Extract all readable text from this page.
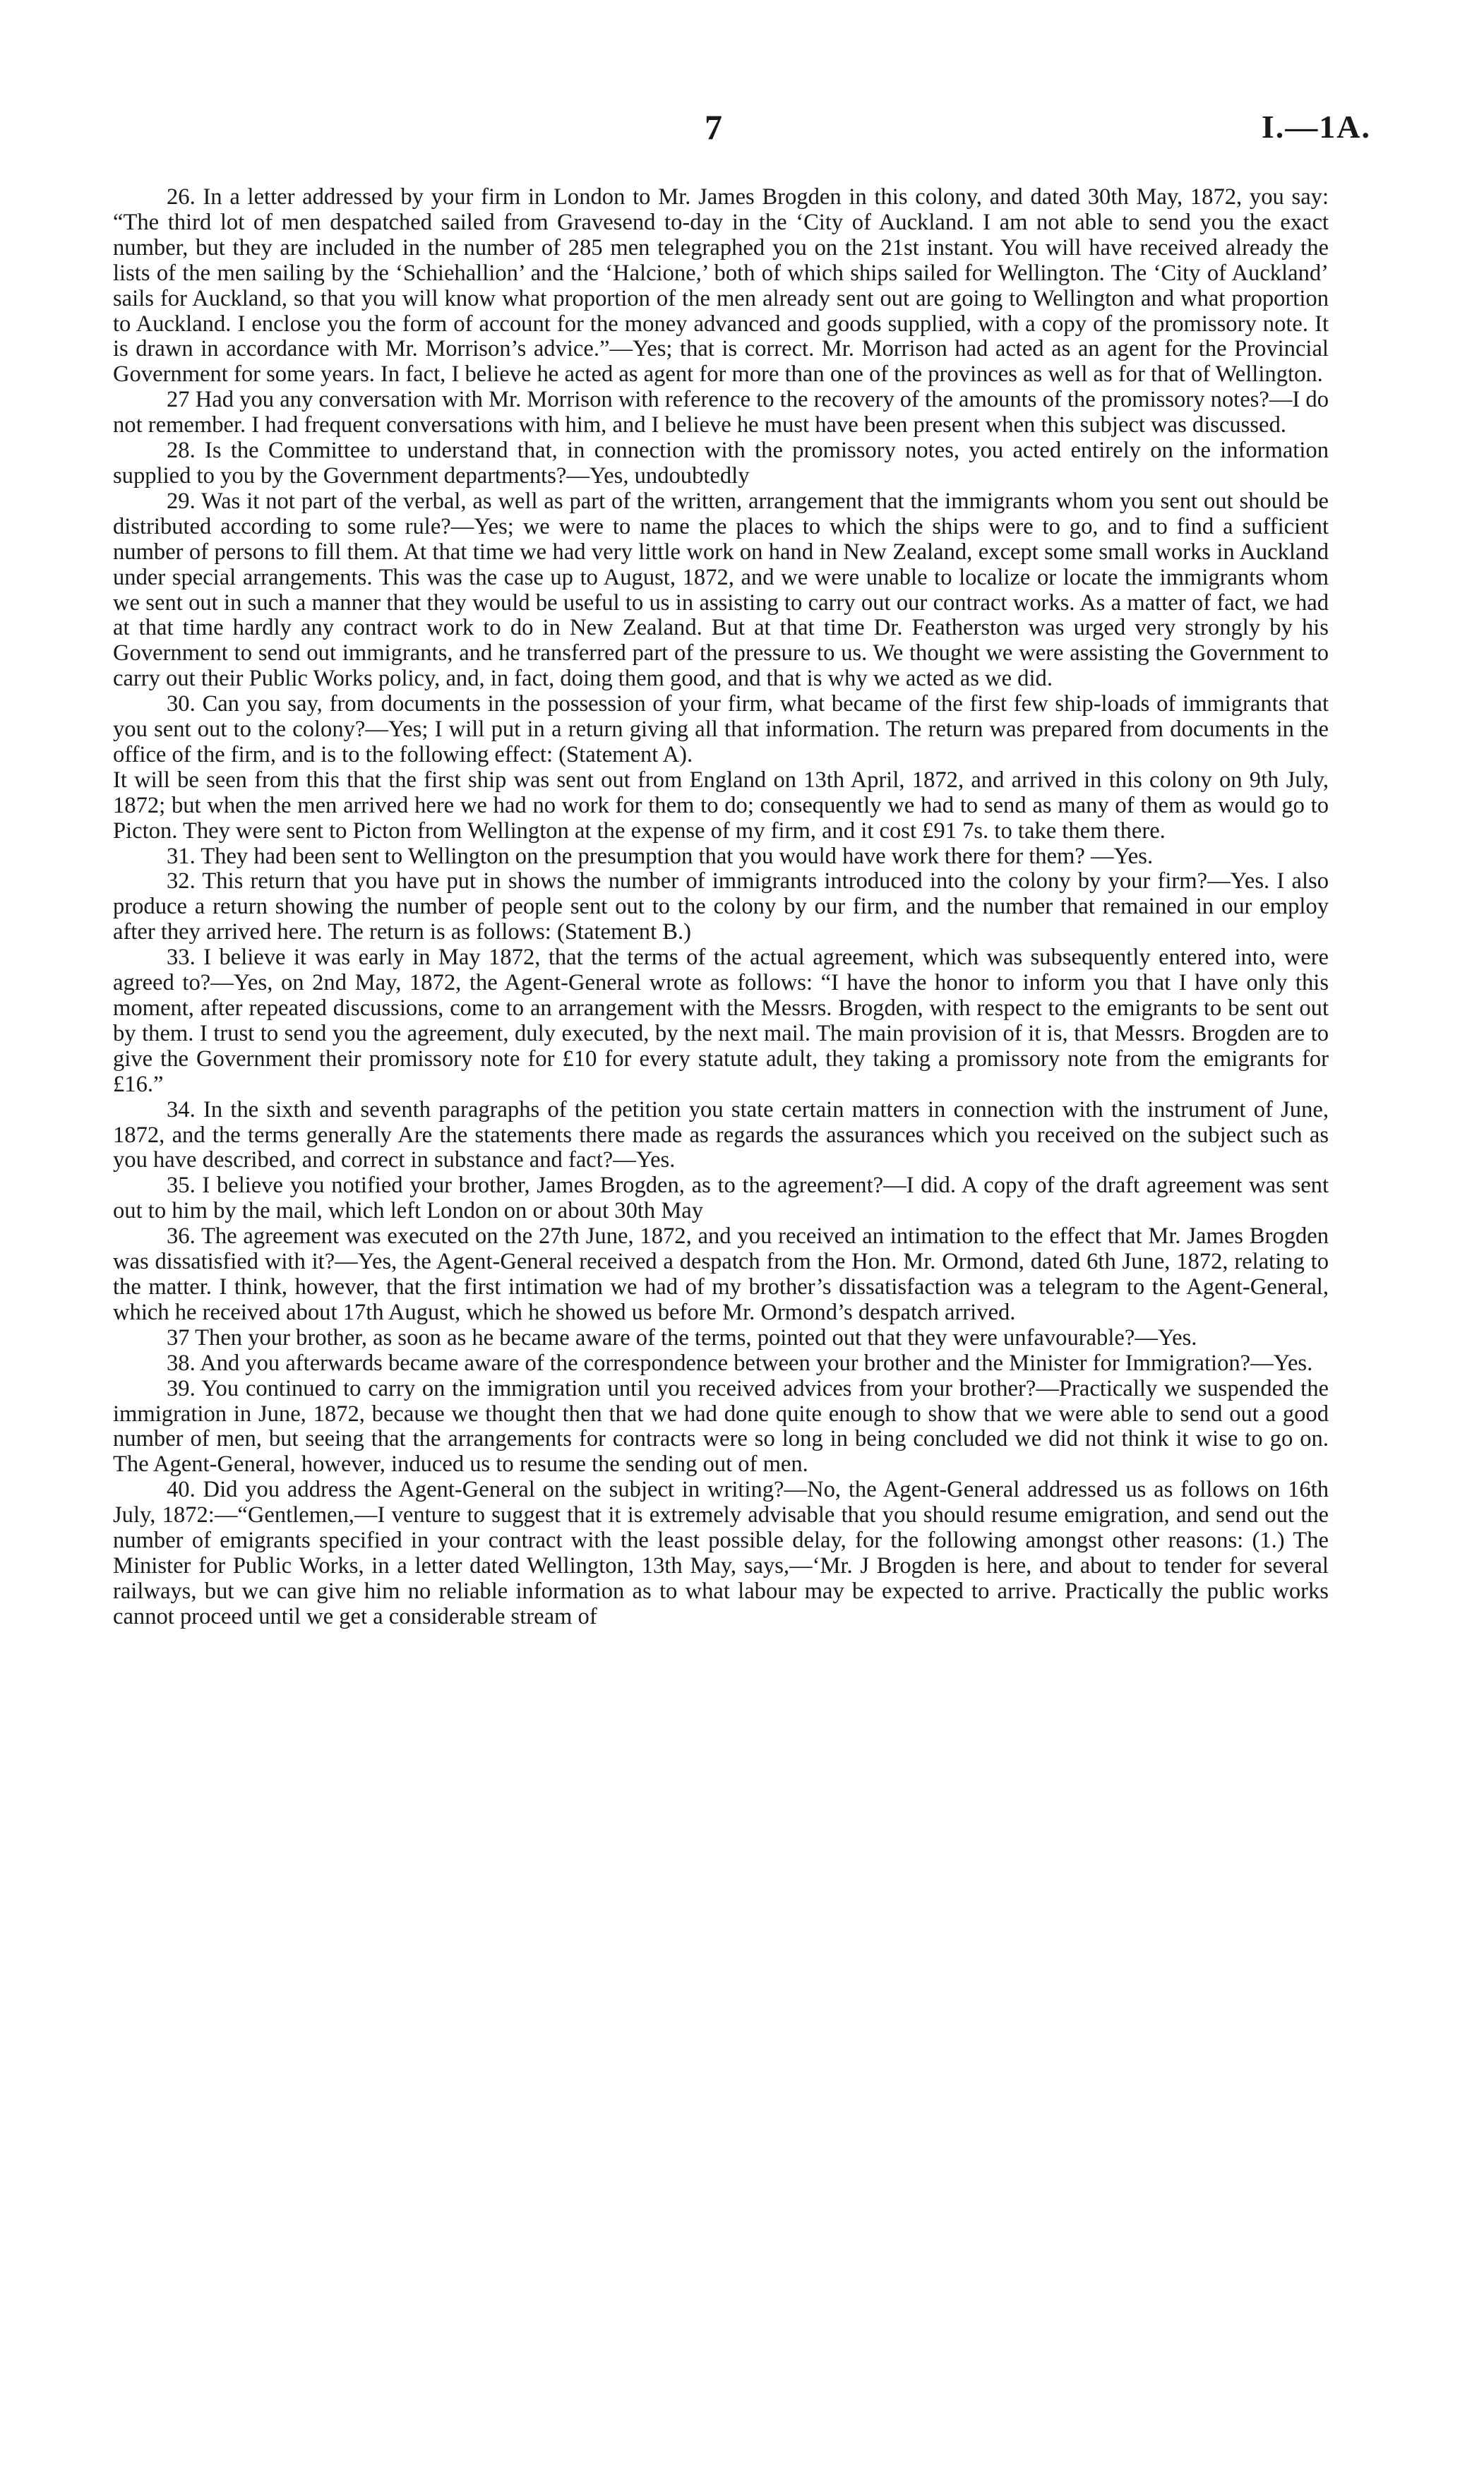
7	I.—1A.

26. In a letter addressed by your firm in London to Mr. James Brogden in this colony, and dated 30th May, 1872, you say: “The third lot of men despatched sailed from Gravesend to-day in the ‘City of Auckland. I am not able to send you the exact number, but they are included in the number of 285 men telegraphed you on the 21st instant. You will have received already the lists of the men sailing by the ‘Schiehallion’ and the ‘Halcione,’ both of which ships sailed for Wellington. The ‘City of Auckland’ sails for Auckland, so that you will know what proportion of the men already sent out are going to Wellington and what proportion to Auckland. I enclose you the form of account for the money advanced and goods supplied, with a copy of the promissory note. It is drawn in accordance with Mr. Morrison’s advice.”—Yes; that is correct. Mr. Morrison had acted as an agent for the Provincial Government for some years. In fact, I believe he acted as agent for more than one of the provinces as well as for that of Wellington.

27 Had you any conversation with Mr. Morrison with reference to the recovery of the amounts of the promissory notes?—I do not remember. I had frequent conversations with him, and I believe he must have been present when this subject was discussed.

28. Is the Committee to understand that, in connection with the promissory notes, you acted entirely on the information supplied to you by the Government departments?—Yes, undoubtedly

29. Was it not part of the verbal, as well as part of the written, arrangement that the immigrants whom you sent out should be distributed according to some rule?—Yes; we were to name the places to which the ships were to go, and to find a sufficient number of persons to fill them. At that time we had very little work on hand in New Zealand, except some small works in Auckland under special arrangements. This was the case up to August, 1872, and we were unable to localize or locate the immigrants whom we sent out in such a manner that they would be useful to us in assisting to carry out our contract works. As a matter of fact, we had at that time hardly any contract work to do in New Zealand. But at that time Dr. Featherston was urged very strongly by his Government to send out immigrants, and he transferred part of the pressure to us. We thought we were assisting the Government to carry out their Public Works policy, and, in fact, doing them good, and that is why we acted as we did.

30. Can you say, from documents in the possession of your firm, what became of the first few ship-loads of immigrants that you sent out to the colony?—Yes; I will put in a return giving all that information. The return was prepared from documents in the office of the firm, and is to the following effect: (Statement A).

It will be seen from this that the first ship was sent out from England on 13th April, 1872, and arrived in this colony on 9th July, 1872; but when the men arrived here we had no work for them to do; consequently we had to send as many of them as would go to Picton. They were sent to Picton from Wellington at the expense of my firm, and it cost £91 7s. to take them there.

31. They had been sent to Wellington on the presumption that you would have work there for them? —Yes.

32. This return that you have put in shows the number of immigrants introduced into the colony by your firm?—Yes. I also produce a return showing the number of people sent out to the colony by our firm, and the number that remained in our employ after they arrived here. The return is as follows: (Statement B.)

33. I believe it was early in May 1872, that the terms of the actual agreement, which was subsequently entered into, were agreed to?—Yes, on 2nd May, 1872, the Agent-General wrote as follows: “I have the honor to inform you that I have only this moment, after repeated discussions, come to an arrangement with the Messrs. Brogden, with respect to the emigrants to be sent out by them. I trust to send you the agreement, duly executed, by the next mail. The main provision of it is, that Messrs. Brogden are to give the Government their promissory note for £10 for every statute adult, they taking a promissory note from the emigrants for £16.”

34. In the sixth and seventh paragraphs of the petition you state certain matters in connection with the instrument of June, 1872, and the terms generally Are the statements there made as regards the assurances which you received on the subject such as you have described, and correct in substance and fact?—Yes.

35. I believe you notified your brother, James Brogden, as to the agreement?—I did. A copy of the draft agreement was sent out to him by the mail, which left London on or about 30th May

36. The agreement was executed on the 27th June, 1872, and you received an intimation to the effect that Mr. James Brogden was dissatisfied with it?—Yes, the Agent-General received a despatch from the Hon. Mr. Ormond, dated 6th June, 1872, relating to the matter. I think, however, that the first intimation we had of my brother’s dissatisfaction was a telegram to the Agent-General, which he received about 17th August, which he showed us before Mr. Ormond’s despatch arrived.

37 Then your brother, as soon as he became aware of the terms, pointed out that they were unfavourable?—Yes.

38. And you afterwards became aware of the correspondence between your brother and the Minister for Immigration?—Yes.

39. You continued to carry on the immigration until you received advices from your brother?—Practically we suspended the immigration in June, 1872, because we thought then that we had done quite enough to show that we were able to send out a good number of men, but seeing that the arrangements for contracts were so long in being concluded we did not think it wise to go on. The Agent-General, however, induced us to resume the sending out of men.

40. Did you address the Agent-General on the subject in writing?—No, the Agent-General addressed us as follows on 16th July, 1872:—“Gentlemen,—I venture to suggest that it is extremely advisable that you should resume emigration, and send out the number of emigrants specified in your contract with the least possible delay, for the following amongst other reasons: (1.) The Minister for Public Works, in a letter dated Wellington, 13th May, says,—‘Mr. J Brogden is here, and about to tender for several railways, but we can give him no reliable information as to what labour may be expected to arrive. Practically the public works cannot proceed until we get a considerable stream of
